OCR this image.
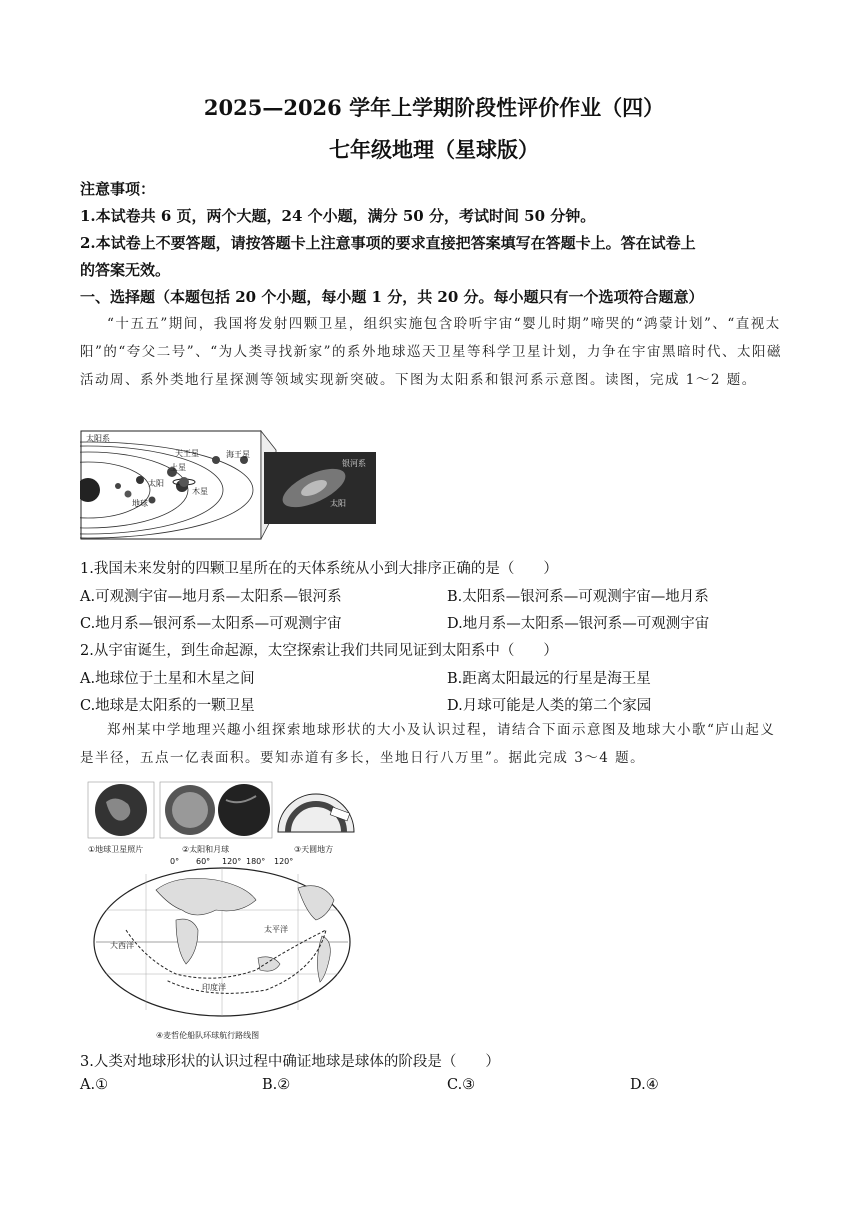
2025—2026 学年上学期阶段性评价作业（四）
七年级地理（星球版）
注意事项：
1.本试卷共 6 页，两个大题，24 个小题，满分 50 分，考试时间 50 分钟。
2.本试卷上不要答题，请按答题卡上注意事项的要求直接把答案填写在答题卡上。答在试卷上
的答案无效。
一、选择题（本题包括 20 个小题，每小题 1 分，共 20 分。每小题只有一个选项符合题意）
“十五五”期间，我国将发射四颗卫星，组织实施包含聆听宇宙“婴儿时期”啼哭的“鸿蒙计划”、“直视太阳”的“夸父二号”、“为人类寻找新家”的系外地球巡天卫星等科学卫星计划，力争在宇宙黑暗时代、太阳磁活动周、系外类地行星探测等领域实现新突破。下图为太阳系和银河系示意图。读图，完成 1～2 题。
太阳系
海王星
天王星
土星
木星
地球
太阳
银河系
太阳
1.我国未来发射的四颗卫星所在的天体系统从小到大排序正确的是（　　）
A.可观测宇宙—地月系—太阳系—银河系	B.太阳系—银河系—可观测宇宙—地月系
C.地月系—银河系—太阳系—可观测宇宙	D.地月系—太阳系—银河系—可观测宇宙
2.从宇宙诞生，到生命起源，太空探索让我们共同见证到太阳系中（　　）
A.地球位于土星和木星之间	B.距离太阳最远的行星是海王星
C.地球是太阳系的一颗卫星	D.月球可能是人类的第二个家园
郑州某中学地理兴趣小组探索地球形状的大小及认识过程，请结合下面示意图及地球大小歌“庐山起义是半径，五点一亿表面积。要知赤道有多长，坐地日行八万里”。据此完成 3～4 题。
①地球卫星照片	②太阳和月球	③天圆地方
0° 60° 120° 180° 120°
太平洋
印度洋
大西洋
④麦哲伦船队环球航行路线图
3.人类对地球形状的认识过程中确证地球是球体的阶段是（　　）
A.①	B.②	C.③	D.④
